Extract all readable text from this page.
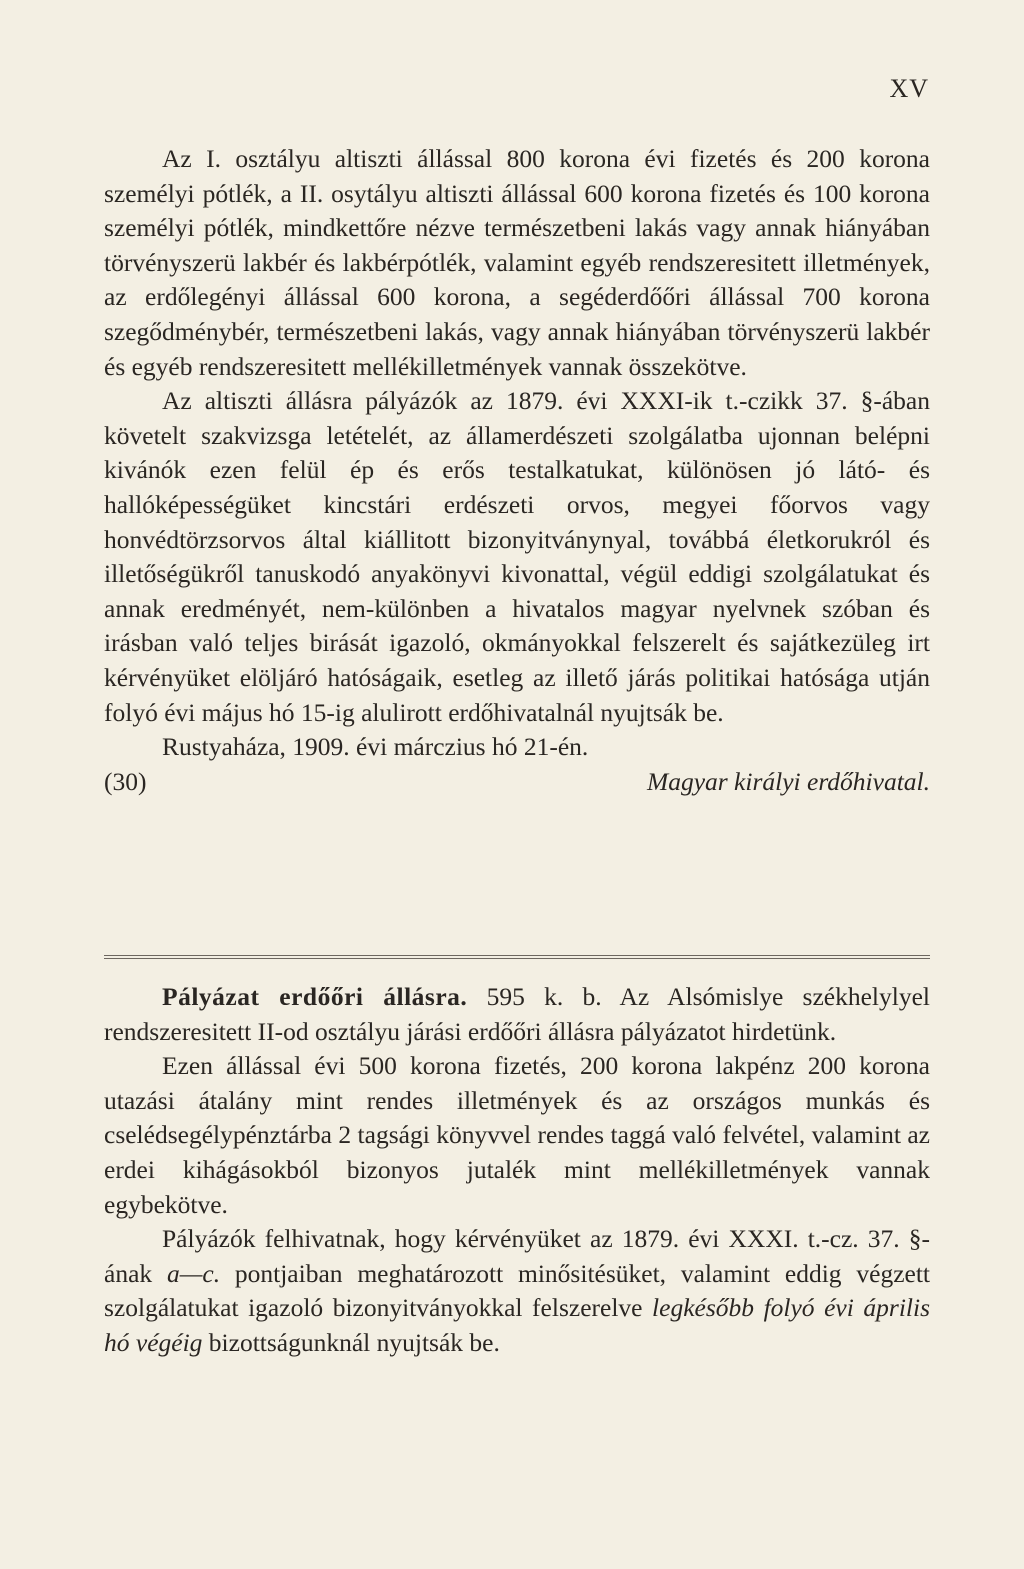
XV

Az I. osztályu altiszti állással 800 korona évi fizetés és 200 korona személyi pótlék, a II. osytályu altiszti állással 600 korona fizetés és 100 korona személyi pótlék, mindkettőre nézve természetbeni lakás vagy annak hiányában törvényszerü lakbér és lakbérpótlék, valamint egyéb rendszeresitett illetmények, az erdőlegényi állással 600 korona, a segéderdőőri állással 700 korona szegődménybér, természetbeni lakás, vagy annak hiányában törvényszerü lakbér és egyéb rendszeresitett mellékilletmények vannak összekötve.

Az altiszti állásra pályázók az 1879. évi XXXI-ik t.-czikk 37. §-ában követelt szakvizsga letételét, az államerdészeti szolgálatba ujonnan belépni kivánók ezen felül ép és erős testalkatukat, különösen jó látó- és hallóképességüket kincstári erdészeti orvos, megyei főorvos vagy honvédtörzsorvos által kiállitott bizonyitványnyal, továbbá életkorukról és illetőségükről tanuskodó anyakönyvi kivonattal, végül eddigi szolgálatukat és annak eredményét, nem-különben a hivatalos magyar nyelvnek szóban és irásban való teljes birását igazoló, okmányokkal felszerelt és sajátkezüleg irt kérvényüket elöljáró hatóságaik, esetleg az illető járás politikai hatósága utján folyó évi május hó 15-ig alulirott erdőhivatalnál nyujtsák be.

Rustyaháza, 1909. évi márczius hó 21-én.

(30)	Magyar királyi erdőhivatal.

Pályázat erdőőri állásra. 595 k. b. Az Alsómislye székhelylyel rendszeresitett II-od osztályu járási erdőőri állásra pályázatot hirdetünk.

Ezen állással évi 500 korona fizetés, 200 korona lakpénz 200 korona utazási átalány mint rendes illetmények és az országos munkás és cselédsegélypénztárba 2 tagsági könyvvel rendes taggá való felvétel, valamint az erdei kihágásokból bizonyos jutalék mint mellékilletmények vannak egybekötve.

Pályázók felhivatnak, hogy kérvényüket az 1879. évi XXXI. t.-cz. 37. §-ának a—c. pontjaiban meghatározott minősitésüket, valamint eddig végzett szolgálatukat igazoló bizonyitványokkal felszerelve legkésőbb folyó évi április hó végéig bizottságunknál nyujtsák be.
